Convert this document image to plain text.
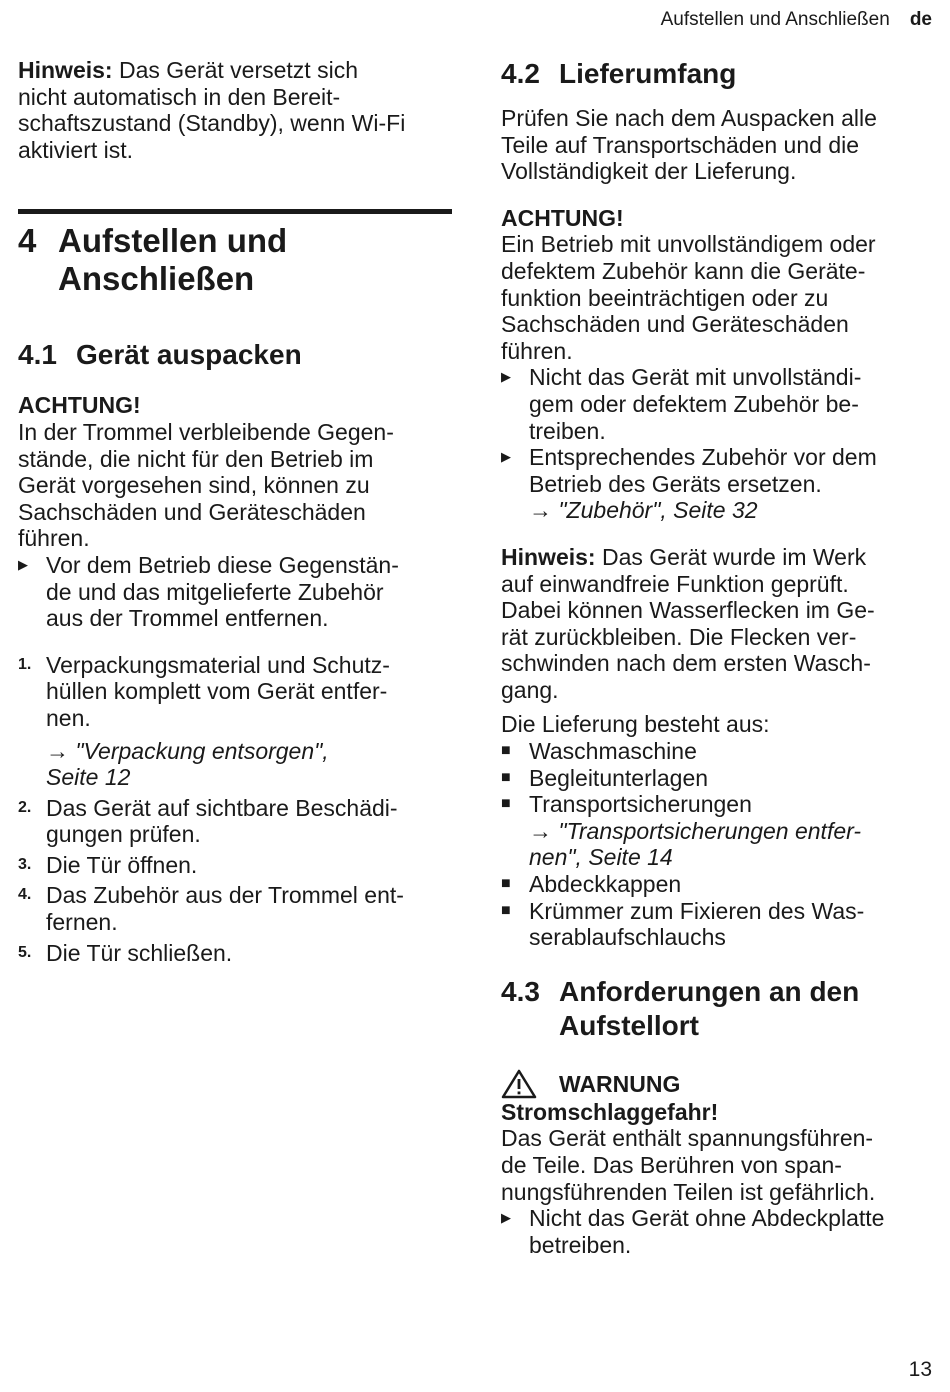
Aufstellen und Anschließen de

Hinweis: Das Gerät versetzt sich

nicht automatisch in den Bereit-

schaftszustand (Standby), wenn Wi-Fi

aktiviert ist.

4 Aufstellen und

Anschließen

4.1 Gerät auspacken

ACHTUNG!

In der Trommel verbleibende Gegen-

stände, die nicht für den Betrieb im

Gerät vorgesehen sind, können zu

Sachschäden und Geräteschäden

führen.

▶ Vor dem Betrieb diese Gegenstän-

de und das mitgelieferte Zubehör

aus der Trommel entfernen.

1. Verpackungsmaterial und Schutz-

hüllen komplett vom Gerät entfer-

nen.

→ "Verpackung entsorgen",

Seite 12

2. Das Gerät auf sichtbare Beschädi-

gungen prüfen.

3. Die Tür öffnen.

4. Das Zubehör aus der Trommel ent-

fernen.

5. Die Tür schließen.

4.2 Lieferumfang

Prüfen Sie nach dem Auspacken alle

Teile auf Transportschäden und die

Vollständigkeit der Lieferung.

ACHTUNG!

Ein Betrieb mit unvollständigem oder

defektem Zubehör kann die Geräte-

funktion beeinträchtigen oder zu

Sachschäden und Geräteschäden

führen.

▶ Nicht das Gerät mit unvollständi-

gem oder defektem Zubehör be-

treiben.

▶ Entsprechendes Zubehör vor dem

Betrieb des Geräts ersetzen.

→ "Zubehör", Seite 32

Hinweis: Das Gerät wurde im Werk

auf einwandfreie Funktion geprüft.

Dabei können Wasserflecken im Ge-

rät zurückbleiben. Die Flecken ver-

schwinden nach dem ersten Wasch-

gang.

Die Lieferung besteht aus:

■ Waschmaschine

■ Begleitunterlagen

■ Transportsicherungen

→ "Transportsicherungen entfer-

nen", Seite 14

■ Abdeckkappen

■ Krümmer zum Fixieren des Was-

serablaufschlauchs

4.3 Anforderungen an den

Aufstellort

WARNUNG

Stromschlaggefahr!

Das Gerät enthält spannungsführen-

de Teile. Das Berühren von span-

nungsführenden Teilen ist gefährlich.

▶ Nicht das Gerät ohne Abdeckplatte

betreiben.

13
